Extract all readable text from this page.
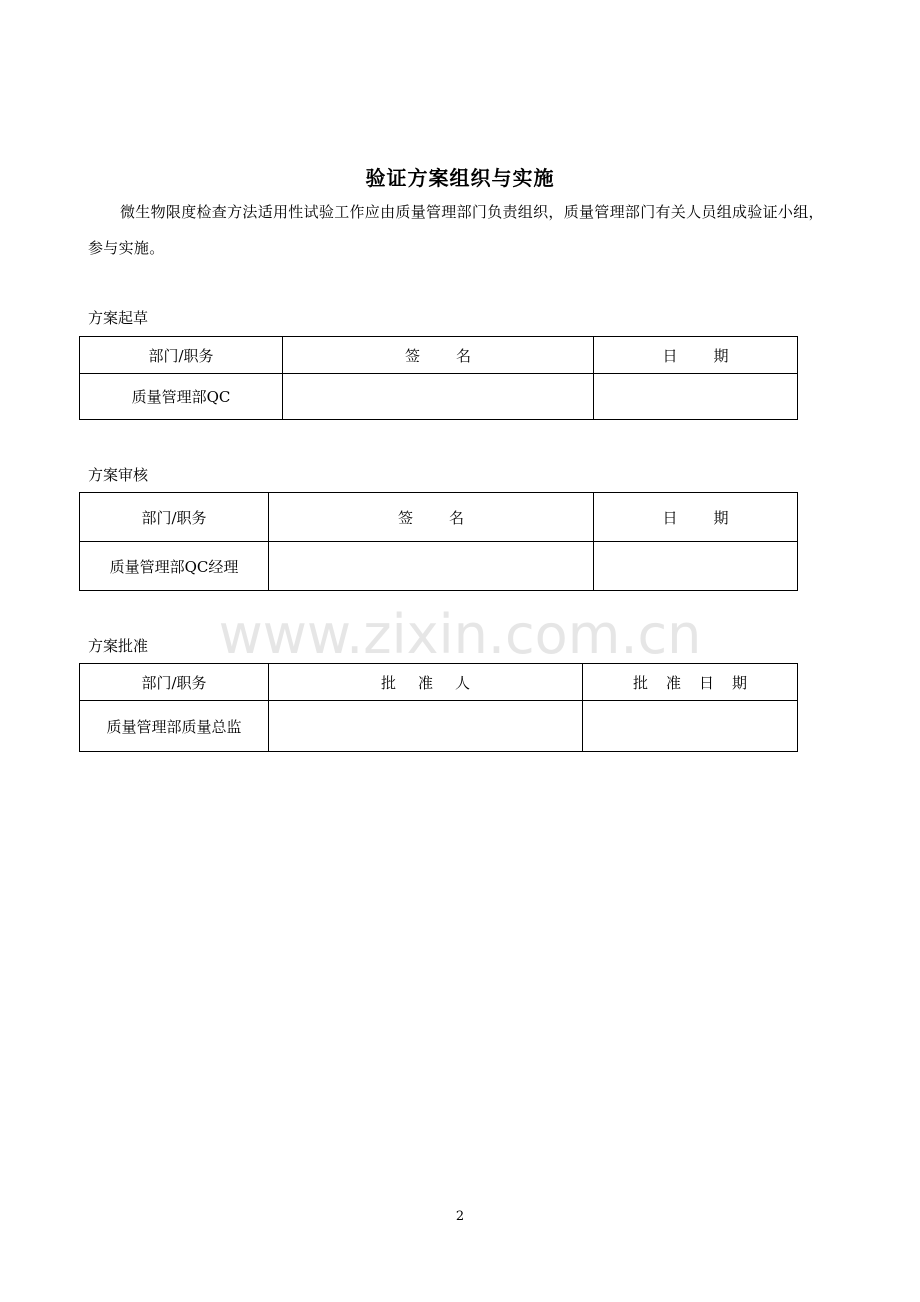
验证方案组织与实施
微生物限度检查方法适用性试验工作应由质量管理部门负责组织，质量管理部门有关人员组成验证小组，参与实施。
方案起草
部门/职务	签名	日期
质量管理部QC		
方案审核
部门/职务	签名	日期
质量管理部QC经理		
方案批准
部门/职务	批准人	批准日期
质量管理部质量总监		
www.zixin.com.cn
2
